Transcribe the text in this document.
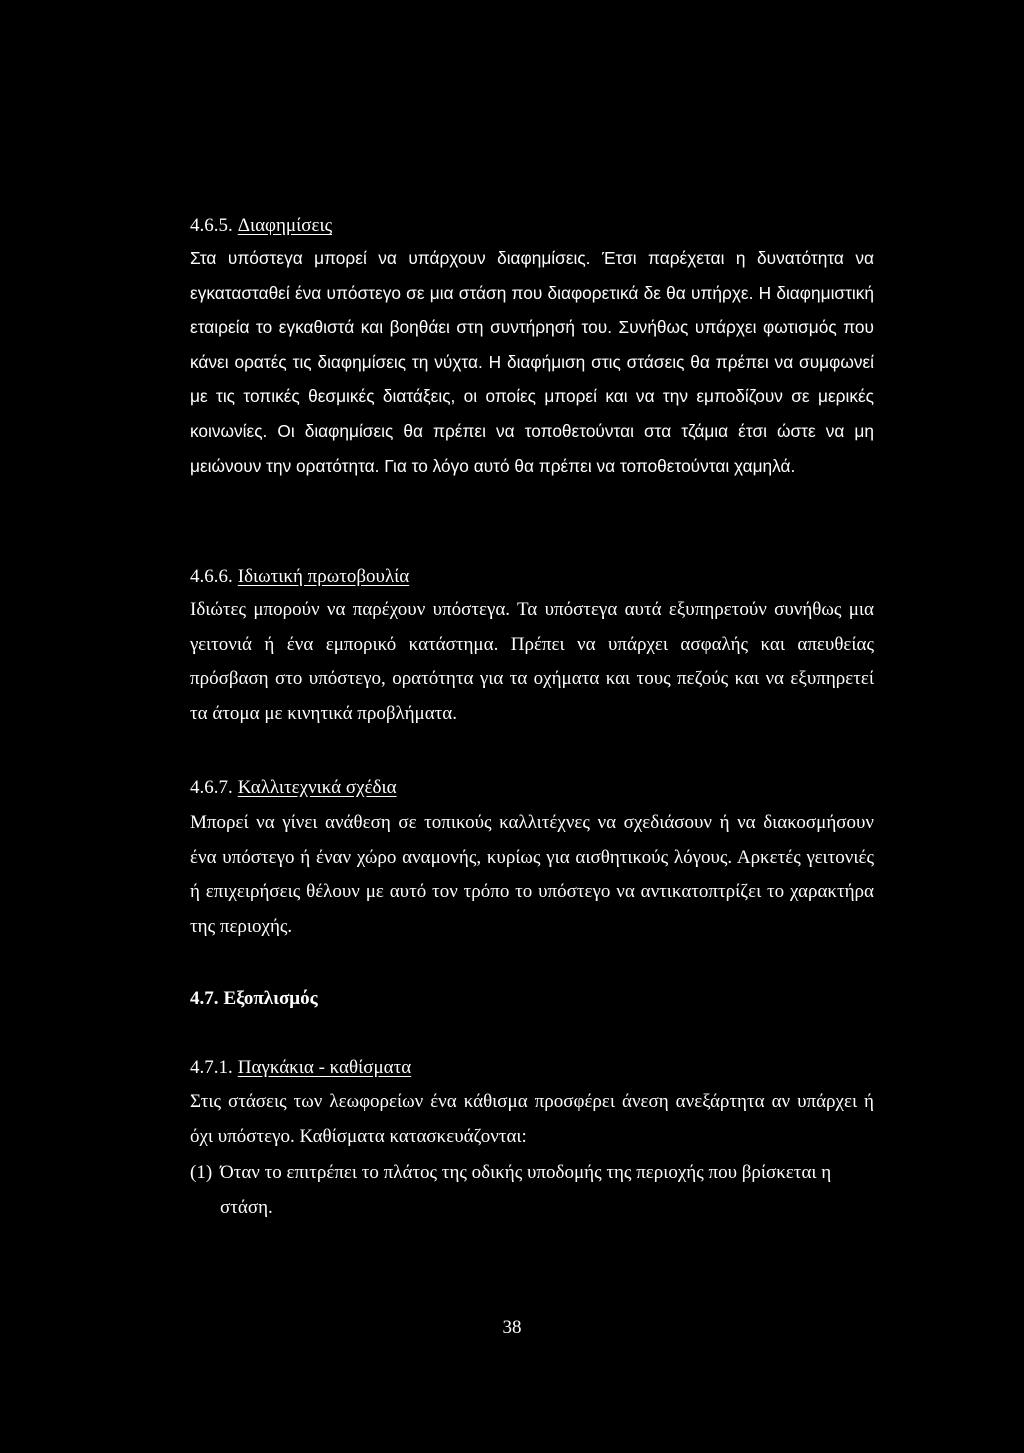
4.6.5. Διαφημίσεις

Στα υπόστεγα μπορεί να υπάρχουν διαφημίσεις. Έτσι παρέχεται η δυνατότητα να εγκατασταθεί ένα υπόστεγο σε μια στάση που διαφορετικά δε θα υπήρχε. Η διαφημιστική εταιρεία το εγκαθιστά και βοηθάει στη συντήρησή του. Συνήθως υπάρχει φωτισμός που κάνει ορατές τις διαφημίσεις τη νύχτα. Η διαφήμιση στις στάσεις θα πρέπει να συμφωνεί με τις τοπικές θεσμικές διατάξεις, οι οποίες μπορεί και να την εμποδίζουν σε μερικές κοινωνίες. Οι διαφημίσεις θα πρέπει να τοποθετούνται στα τζάμια έτσι ώστε να μη μειώνουν την ορατότητα. Για το λόγο αυτό θα πρέπει να τοποθετούνται χαμηλά.

4.6.6. Ιδιωτική πρωτοβουλία

Ιδιώτες μπορούν να παρέχουν υπόστεγα. Τα υπόστεγα αυτά εξυπηρετούν συνήθως μια γειτονιά ή ένα εμπορικό κατάστημα. Πρέπει να υπάρχει ασφαλής και απευθείας πρόσβαση στο υπόστεγο, ορατότητα για τα οχήματα και τους πεζούς και να εξυπηρετεί τα άτομα με κινητικά προβλήματα.

4.6.7. Καλλιτεχνικά σχέδια

Μπορεί να γίνει ανάθεση σε τοπικούς καλλιτέχνες να σχεδιάσουν ή να διακοσμήσουν ένα υπόστεγο ή έναν χώρο αναμονής, κυρίως για αισθητικούς λόγους. Αρκετές γειτονιές ή επιχειρήσεις θέλουν με αυτό τον τρόπο το υπόστεγο να αντικατοπτρίζει το χαρακτήρα της περιοχής.

4.7. Εξοπλισμός
4.7.1. Παγκάκια - καθίσματα

Στις στάσεις των λεωφορείων ένα κάθισμα προσφέρει άνεση ανεξάρτητα αν υπάρχει ή όχι υπόστεγο. Καθίσματα κατασκευάζονται:

(1) Όταν το επιτρέπει το πλάτος της οδικής υποδομής της περιοχής που βρίσκεται η
στάση.
38
